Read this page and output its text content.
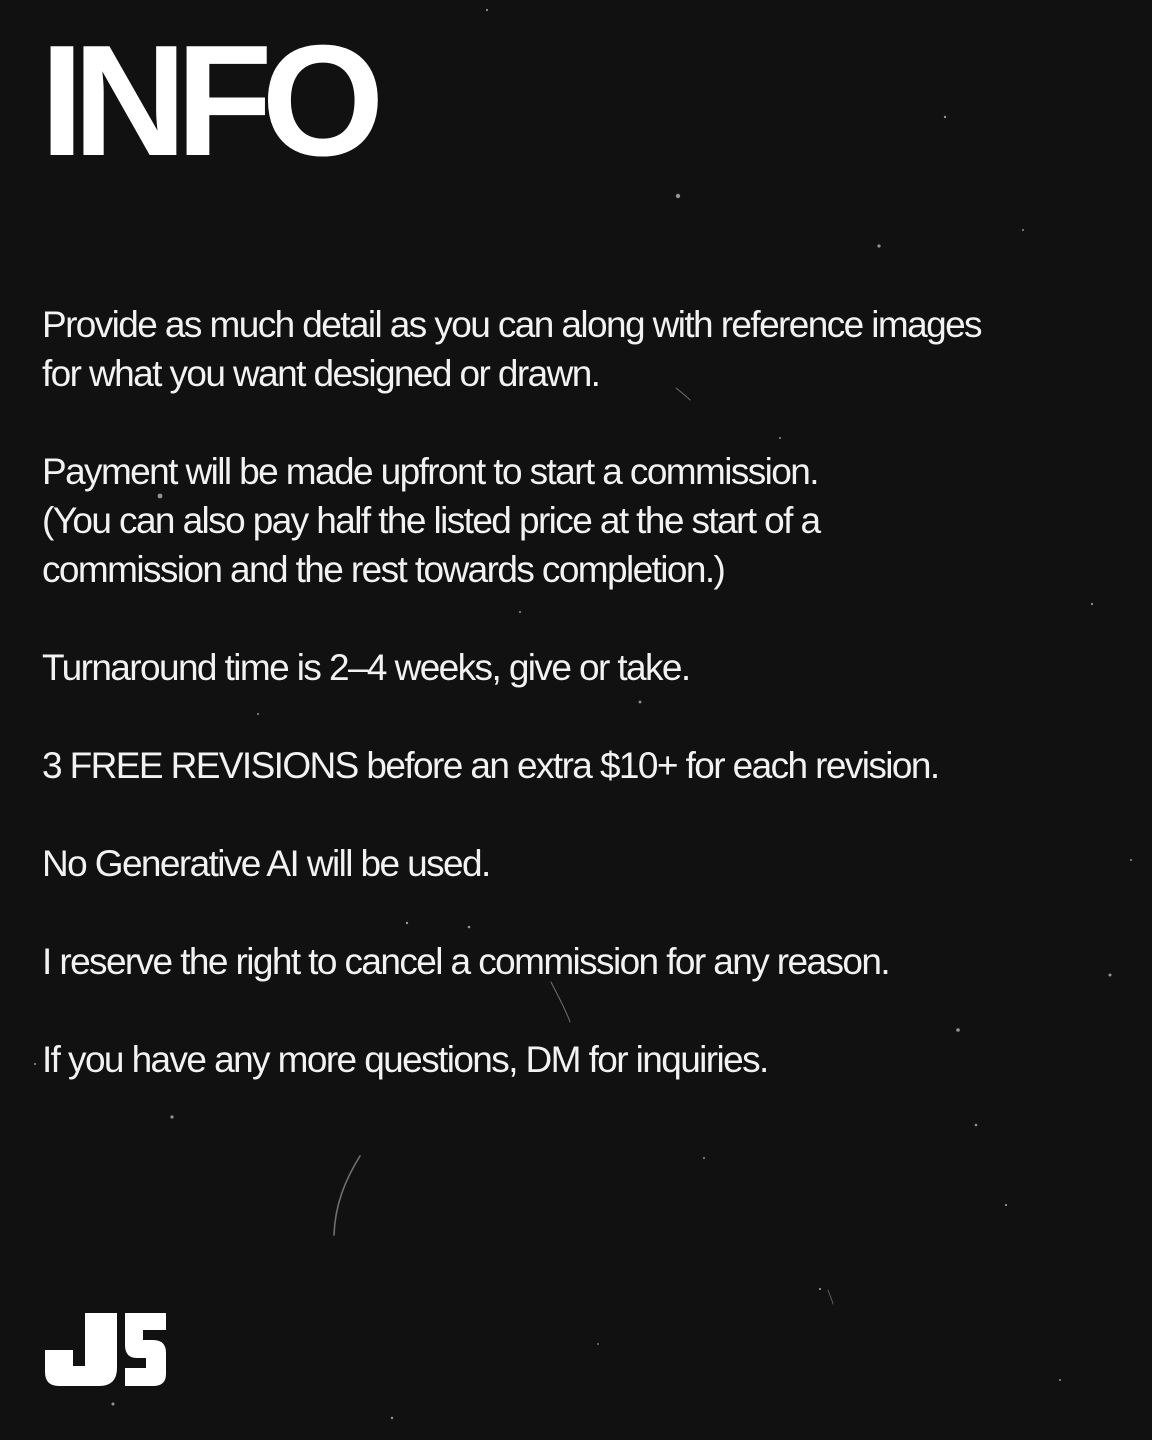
INFO

Provide as much detail as you can along with reference images
for what you want designed or drawn.

Payment will be made upfront to start a commission.
(You can also pay half the listed price at the start of a
commission and the rest towards completion.)

Turnaround time is 2–4 weeks, give or take.

3 FREE REVISIONS before an extra $10+ for each revision.

No Generative AI will be used.

I reserve the right to cancel a commission for any reason.

If you have any more questions, DM for inquiries.
